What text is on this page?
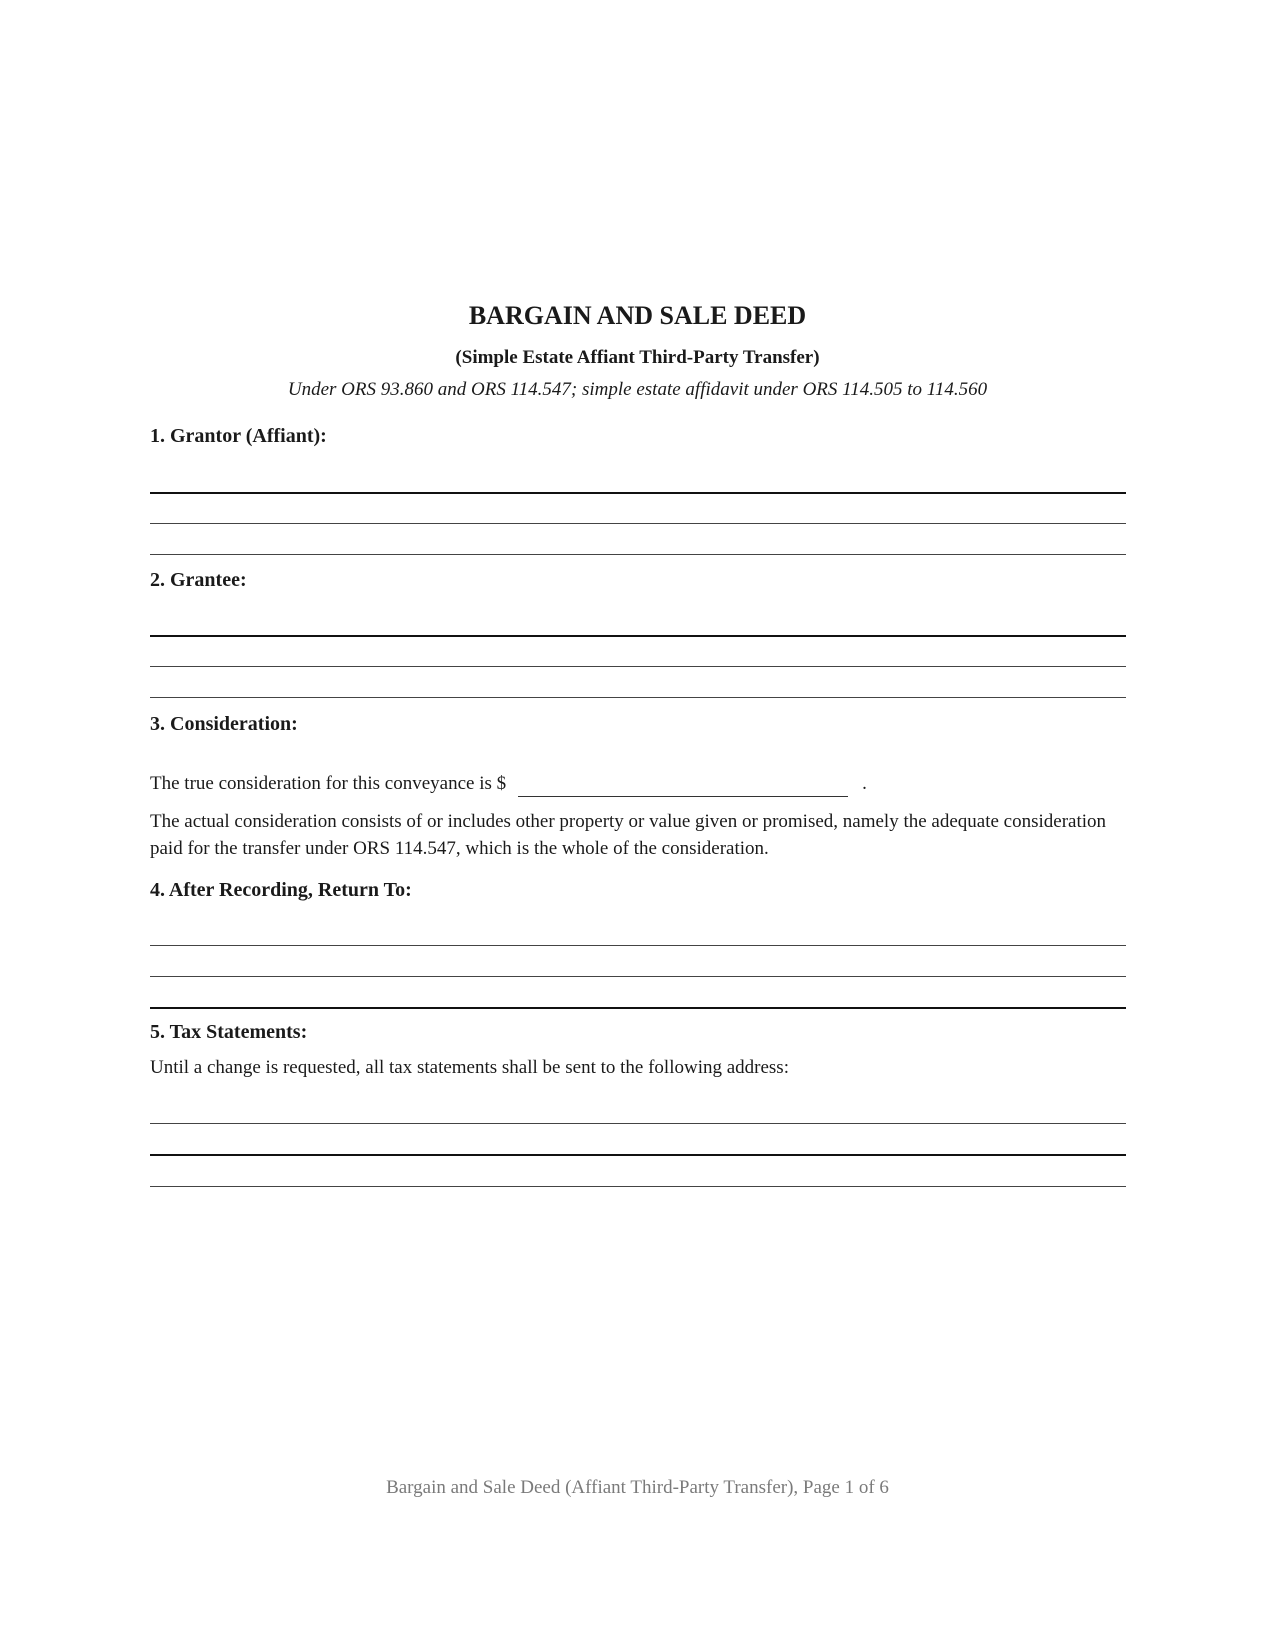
BARGAIN AND SALE DEED
(Simple Estate Affiant Third-Party Transfer)
Under ORS 93.860 and ORS 114.547; simple estate affidavit under ORS 114.505 to 114.560
1. Grantor (Affiant):
2. Grantee:
3. Consideration:
The true consideration for this conveyance is $	.
The actual consideration consists of or includes other property or value given or promised, namely the adequate consideration paid for the transfer under ORS 114.547, which is the whole of the consideration.
4. After Recording, Return To:
5. Tax Statements:
Until a change is requested, all tax statements shall be sent to the following address:
Bargain and Sale Deed (Affiant Third-Party Transfer), Page 1 of 6
